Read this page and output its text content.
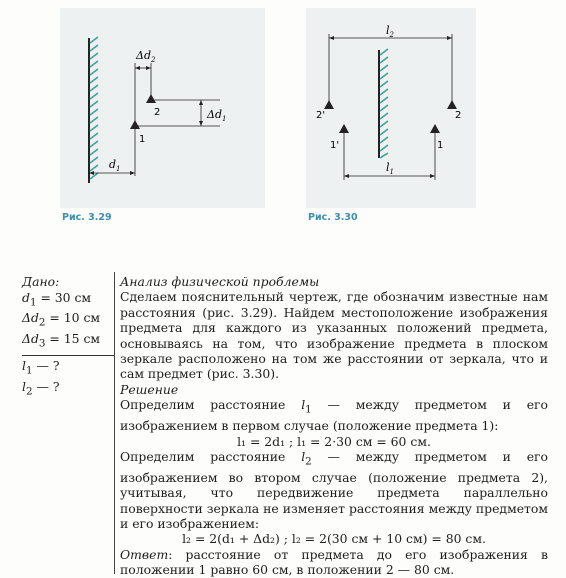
$\Delta d_2$
$\Delta d_1$
2
1
$d_1$
Рис. 3.29
$l_2$
2'	2
1'	1
$l_1$
Рис. 3.30
Дано:
$d_1 = 30$ см
$\Delta d_2 = 10$ см
$\Delta d_3 = 15$ см
$l_1$ — ?
$l_2$ — ?

Анализ физической проблемы

Сделаем пояснительный чертеж, где обозначим известные нам расстояния (рис. 3.29). Найдем местоположение изображения предмета для каждого из указанных положений предмета, основываясь на том, что изображение предмета в плоском зеркале расположено на том же расстоянии от зеркала, что и сам предмет (рис. 3.30).

Решение

Определим расстояние $l_1$ — между предметом и его изображением в первом случае (положение предмета 1):

l₁ = 2d₁ ; l₁ = 2·30 см = 60 см.

Определим расстояние $l_2$ — между предметом и его изображением во втором случае (положение предмета 2), учитывая, что передвижение предмета параллельно поверхности зеркала не изменяет расстояния между предметом и его изображением:

l₂ = 2(d₁ + Δd₂) ; l₂ = 2(30 см + 10 см) = 80 см.

Ответ: расстояние от предмета до его изображения в положении 1 равно 60 см, в положении 2 — 80 см.
